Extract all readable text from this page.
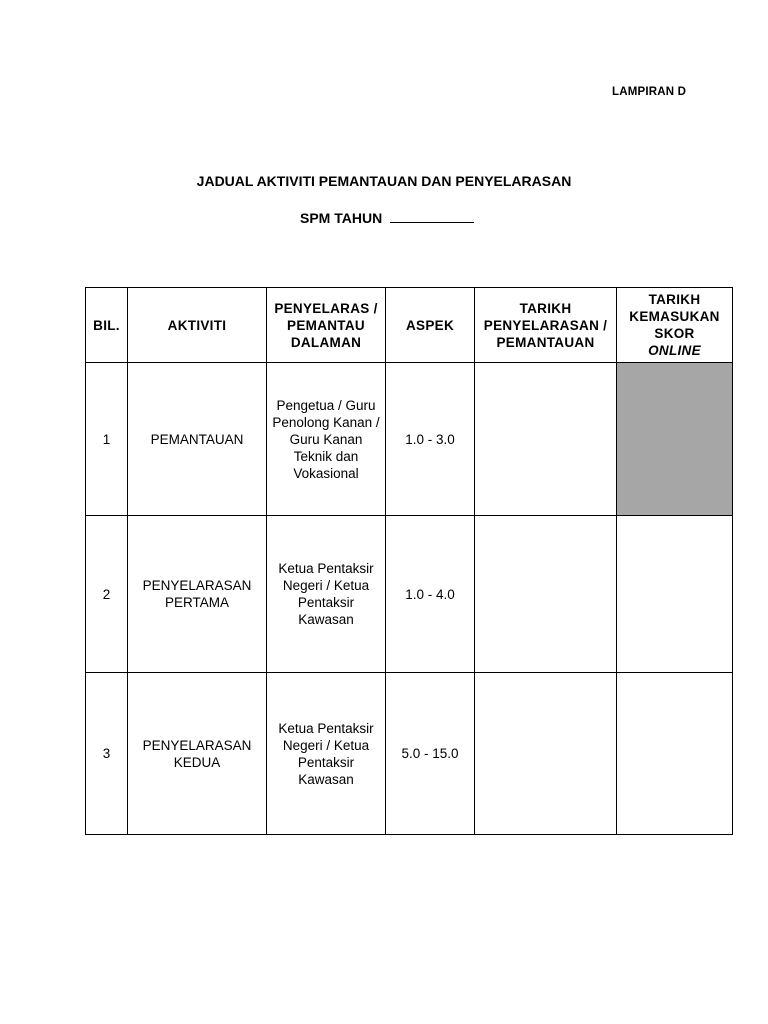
LAMPIRAN D
JADUAL AKTIVITI PEMANTAUAN DAN PENYELARASAN
SPM TAHUN
BIL.	AKTIVITI	PENYELARAS / PEMANTAU DALAMAN	ASPEK	TARIKH PENYELARASAN / PEMANTAUAN	TARIKH KEMASUKAN SKOR
ONLINE
1	PEMANTAUAN	Pengetua / Guru Penolong Kanan / Guru Kanan Teknik dan Vokasional	1.0 - 3.0		
2	PENYELARASAN PERTAMA	Ketua Pentaksir Negeri / Ketua Pentaksir Kawasan	1.0 - 4.0		
3	PENYELARASAN KEDUA	Ketua Pentaksir Negeri / Ketua Pentaksir Kawasan	5.0 - 15.0		
